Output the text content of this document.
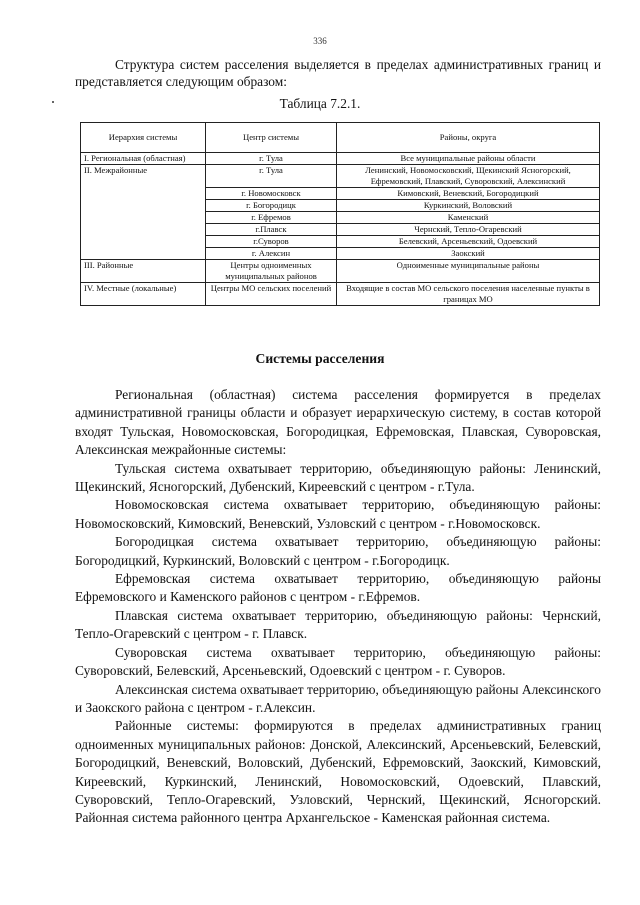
336

Структура систем расселения выделяется в пределах административных границ и представляется следующим образом:

Таблица 7.2.1.
Иерархия системы	Центр системы	Районы, округа
I. Региональная (областная)	г. Тула	Все муниципальные районы области
II. Межрайонные	г. Тула	Ленинский, Новомосковский, Щекинский Ясногорский, Ефремовский, Плавский, Суворовский, Алексинский
	г. Новомосковск	Кимовский, Веневский, Богородицкий
	г. Богородицк	Куркинский, Воловский
	г. Ефремов	Каменский
	г.Плавск	Чернский, Тепло-Огаревский
	г.Суворов	Белевский, Арсеньевский, Одоевский
	г. Алексин	Заокский
III. Районные	Центры одноименных муниципальных районов	Одноименные муниципальные районы
IV. Местные (локальные)	Центры МО сельских поселений	Входящие в состав МО сельского поселения населенные пункты в границах МО
Системы расселения

Региональная (областная) система расселения формируется в пределах административной границы области и образует иерархическую систему, в состав которой входят Тульская, Новомосковская, Богородицкая, Ефремовская, Плавская, Суворовская, Алексинская межрайонные системы:

Тульская система охватывает территорию, объединяющую районы: Ленинский, Щекинский, Ясногорский, Дубенский, Киреевский с центром - г.Тула.

Новомосковская система охватывает территорию, объединяющую районы: Новомосковский, Кимовский, Веневский, Узловский с центром - г.Новомосковск.

Богородицкая система охватывает территорию, объединяющую районы: Богородицкий, Куркинский, Воловский с центром - г.Богородицк.

Ефремовская система охватывает территорию, объединяющую районы Ефремовского и Каменского районов с центром - г.Ефремов.

Плавская система охватывает территорию, объединяющую районы: Чернский, Тепло-Огаревский с центром - г. Плавск.

Суворовская система охватывает территорию, объединяющую районы: Суворовский, Белевский, Арсеньевский, Одоевский с центром - г. Суворов.

Алексинская система охватывает территорию, объединяющую районы Алексинского и Заокского района с центром - г.Алексин.

Районные системы: формируются в пределах административных границ одноименных муниципальных районов: Донской, Алексинский, Арсеньевский, Белевский, Богородицкий, Веневский, Воловский, Дубенский, Ефремовский, Заокский, Кимовский, Киреевский, Куркинский, Ленинский, Новомосковский, Одоевский, Плавский, Суворовский, Тепло-Огаревский, Узловский, Чернский, Щекинский, Ясногорский. Районная система районного центра Архангельское - Каменская районная система.
